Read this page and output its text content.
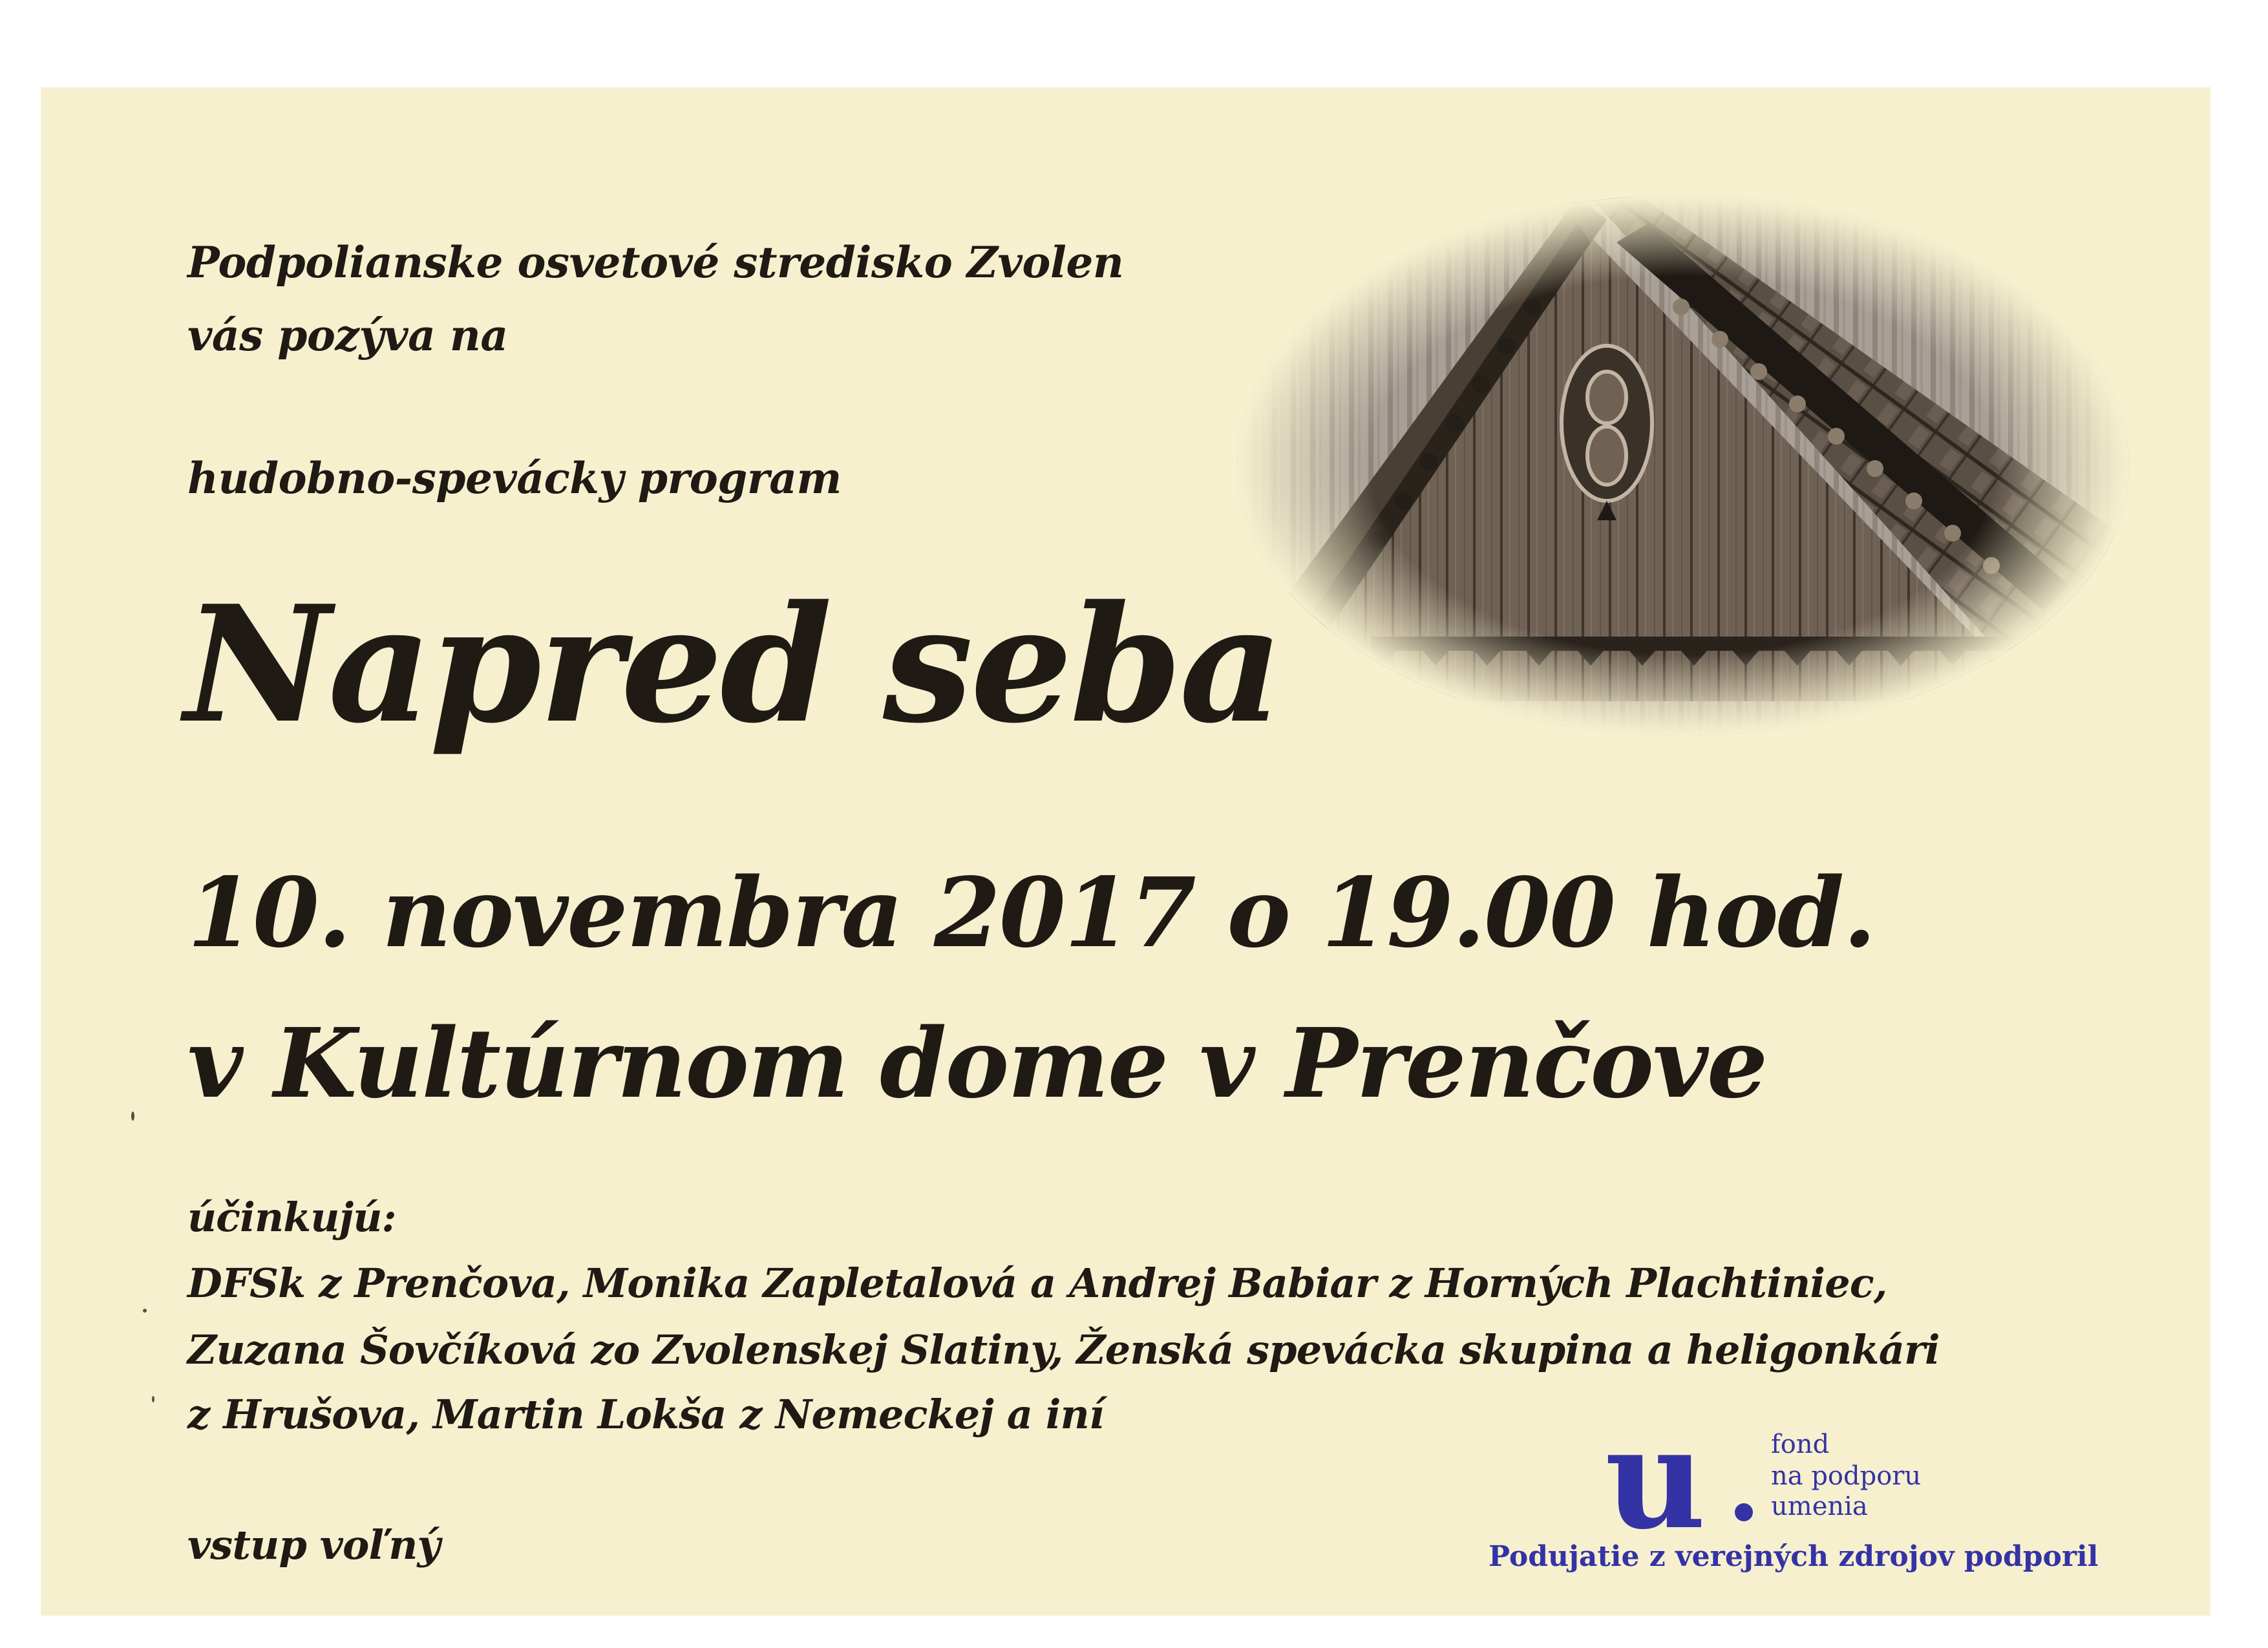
Podpolianske osvetové stredisko Zvolen

vás pozýva na

hudobno-spevácky program

Napred seba
10. novembra 2017 o 19.00 hod.
v Kultúrnom dome v Prenčove

účinkujú:

DFSk z Prenčova, Monika Zapletalová a Andrej Babiar z Horných Plachtiniec,

Zuzana Šovčíková zo Zvolenskej Slatiny, Ženská spevácka skupina a heligonkári

z Hrušova, Martin Lokša z Nemeckej a iní

vstup voľný	u	fond

na podporu

umenia

Podujatie z verejných zdrojov podporil
